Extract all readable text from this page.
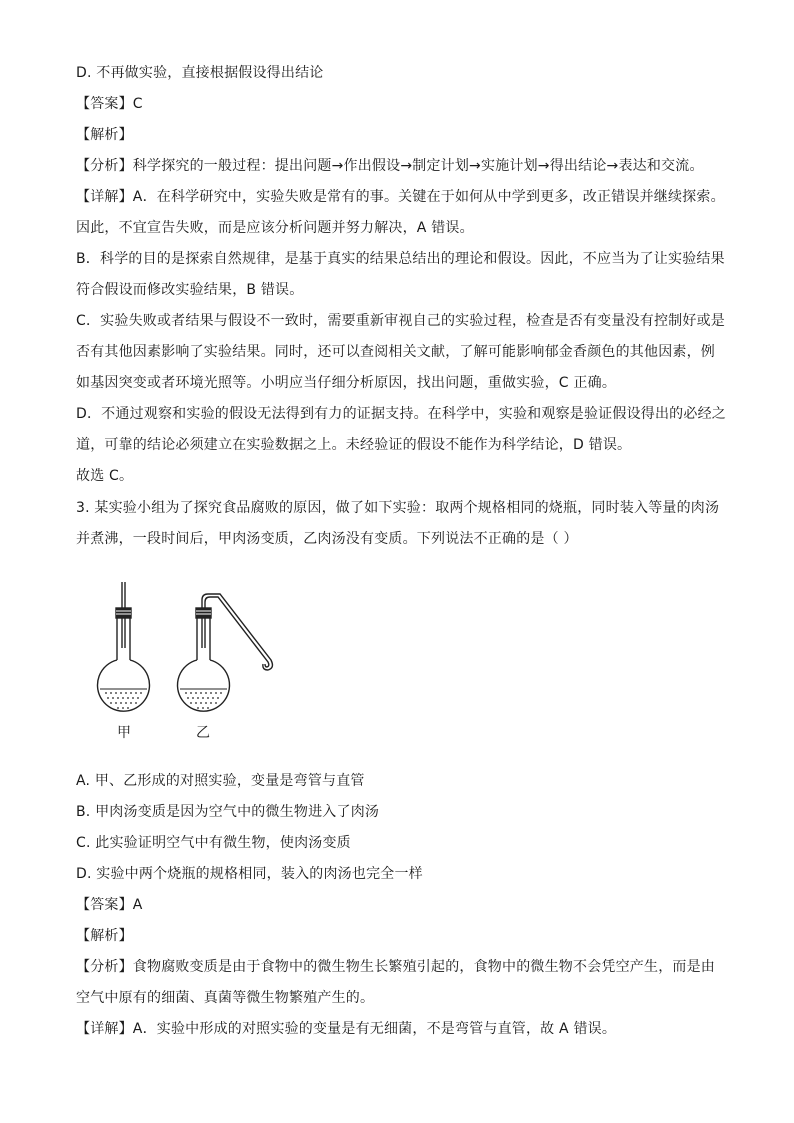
D. 不再做实验，直接根据假设得出结论
【答案】C
【解析】
【分析】科学探究的一般过程：提出问题→作出假设→制定计划→实施计划→得出结论→表达和交流。
【详解】A．在科学研究中，实验失败是常有的事。关键在于如何从中学到更多，改正错误并继续探索。
因此，不宜宣告失败，而是应该分析问题并努力解决，A 错误。
B．科学的目的是探索自然规律，是基于真实的结果总结出的理论和假设。因此，不应当为了让实验结果
符合假设而修改实验结果，B 错误。
C．实验失败或者结果与假设不一致时，需要重新审视自己的实验过程，检查是否有变量没有控制好或是
否有其他因素影响了实验结果。同时，还可以查阅相关文献，了解可能影响郁金香颜色的其他因素，例
如基因突变或者环境光照等。小明应当仔细分析原因，找出问题，重做实验，C 正确。
D．不通过观察和实验的假设无法得到有力的证据支持。在科学中，实验和观察是验证假设得出的必经之
道，可靠的结论必须建立在实验数据之上。未经验证的假设不能作为科学结论，D 错误。
故选 C。
3. 某实验小组为了探究食品腐败的原因，做了如下实验：取两个规格相同的烧瓶，同时装入等量的肉汤
并煮沸，一段时间后，甲肉汤变质，乙肉汤没有变质。下列说法不正确的是（ ）
甲	乙
A. 甲、乙形成的对照实验，变量是弯管与直管
B. 甲肉汤变质是因为空气中的微生物进入了肉汤
C. 此实验证明空气中有微生物，使肉汤变质
D. 实验中两个烧瓶的规格相同，装入的肉汤也完全一样
【答案】A
【解析】
【分析】食物腐败变质是由于食物中的微生物生长繁殖引起的，食物中的微生物不会凭空产生，而是由
空气中原有的细菌、真菌等微生物繁殖产生的。
【详解】A．实验中形成的对照实验的变量是有无细菌，不是弯管与直管，故 A 错误。
